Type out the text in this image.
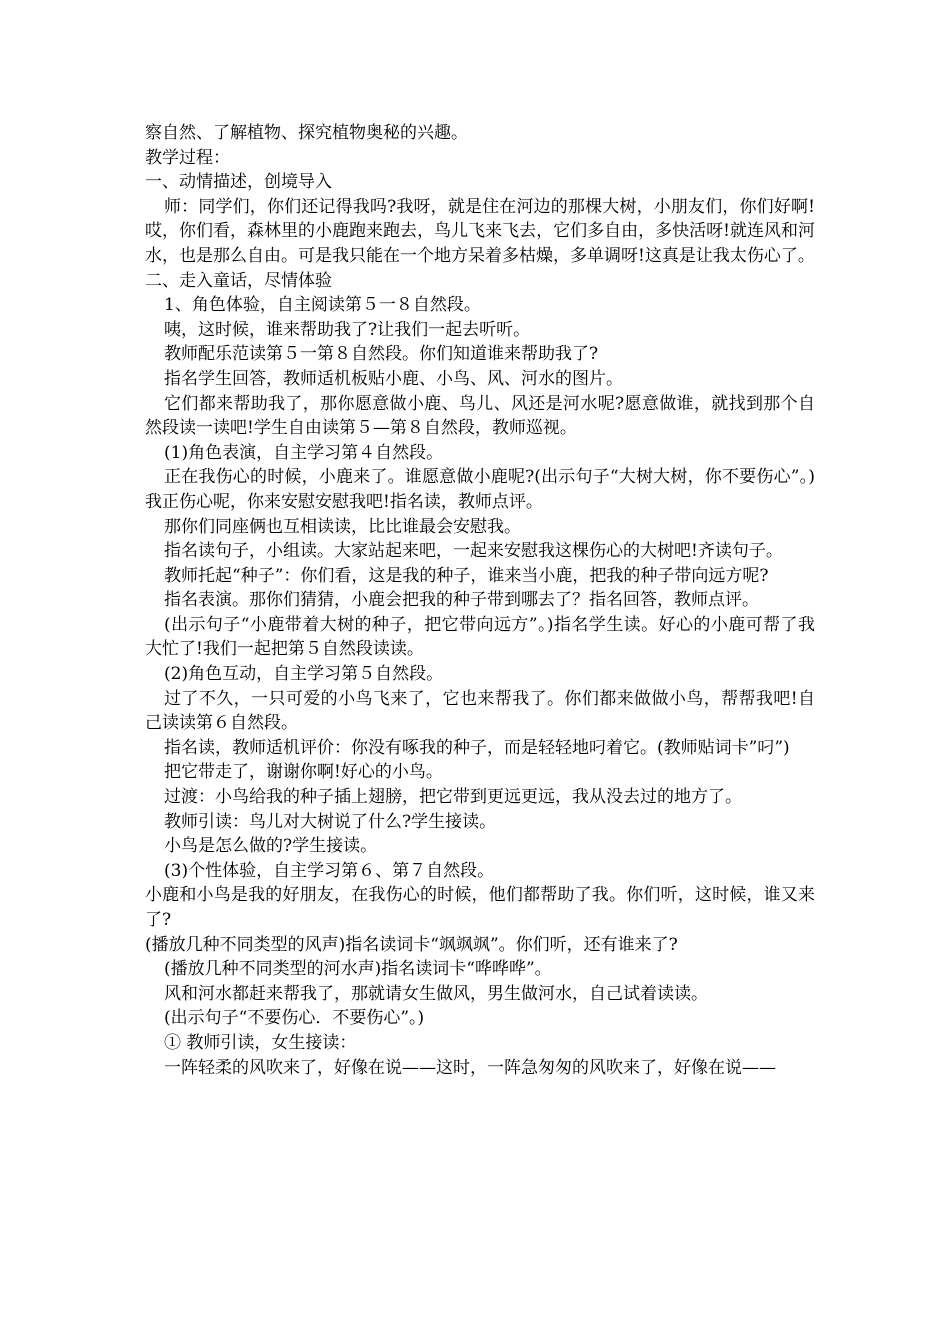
察自然、了解植物、探究植物奥秘的兴趣。

教学过程：

一、动情描述，创境导入

师：同学们，你们还记得我吗?我呀，就是住在河边的那棵大树，小朋友们，你们好啊!哎，你们看，森林里的小鹿跑来跑去，鸟儿飞来飞去，它们多自由，多快活呀!就连风和河水，也是那么自由。可是我只能在一个地方呆着多枯燥，多单调呀!这真是让我太伤心了。

二、走入童话，尽情体验

1、角色体验，自主阅读第５一８自然段。

咦，这时候，谁来帮助我了?让我们一起去听听。

教师配乐范读第５一第８自然段。你们知道谁来帮助我了?

指名学生回答，教师适机板贴小鹿、小鸟、风、河水的图片。

它们都来帮助我了，那你愿意做小鹿、鸟儿、风还是河水呢?愿意做谁，就找到那个自然段读一读吧!学生自由读第５—第８自然段，教师巡视。

(1)角色表演，自主学习第４自然段。

正在我伤心的时候，小鹿来了。谁愿意做小鹿呢?(出示句子“大树大树，你不要伤心”。)我正伤心呢，你来安慰安慰我吧!指名读，教师点评。

那你们同座俩也互相读读，比比谁最会安慰我。

指名读句子，小组读。大家站起来吧，一起来安慰我这棵伤心的大树吧!齐读句子。

教师托起“种子”：你们看，这是我的种子，谁来当小鹿，把我的种子带向远方呢?

指名表演。那你们猜猜，小鹿会把我的种子带到哪去了？指名回答，教师点评。

(出示句子“小鹿带着大树的种子，把它带向远方”。)指名学生读。好心的小鹿可帮了我大忙了!我们一起把第５自然段读读。

(2)角色互动，自主学习第５自然段。

过了不久，一只可爱的小鸟飞来了，它也来帮我了。你们都来做做小鸟，帮帮我吧!自己读读第６自然段。

指名读，教师适机评价：你没有啄我的种子，而是轻轻地叼着它。(教师贴词卡”叼”)

把它带走了，谢谢你啊!好心的小鸟。

过渡：小鸟给我的种子插上翅膀，把它带到更远更远，我从没去过的地方了。

教师引读：鸟儿对大树说了什么?学生接读。

小鸟是怎么做的?学生接读。

(3)个性体验，自主学习第６、第７自然段。

小鹿和小鸟是我的好朋友，在我伤心的时候，他们都帮助了我。你们听，这时候，谁又来了?

(播放几种不同类型的风声)指名读词卡“飒飒飒”。你们听，还有谁来了?

(播放几种不同类型的河水声)指名读词卡“哗哗哗”。

风和河水都赶来帮我了，那就请女生做风，男生做河水，自己试着读读。

(出示句子“不要伤心．不要伤心”。)

① 教师引读，女生接读：

一阵轻柔的风吹来了，好像在说——这时，一阵急匆匆的风吹来了，好像在说——
